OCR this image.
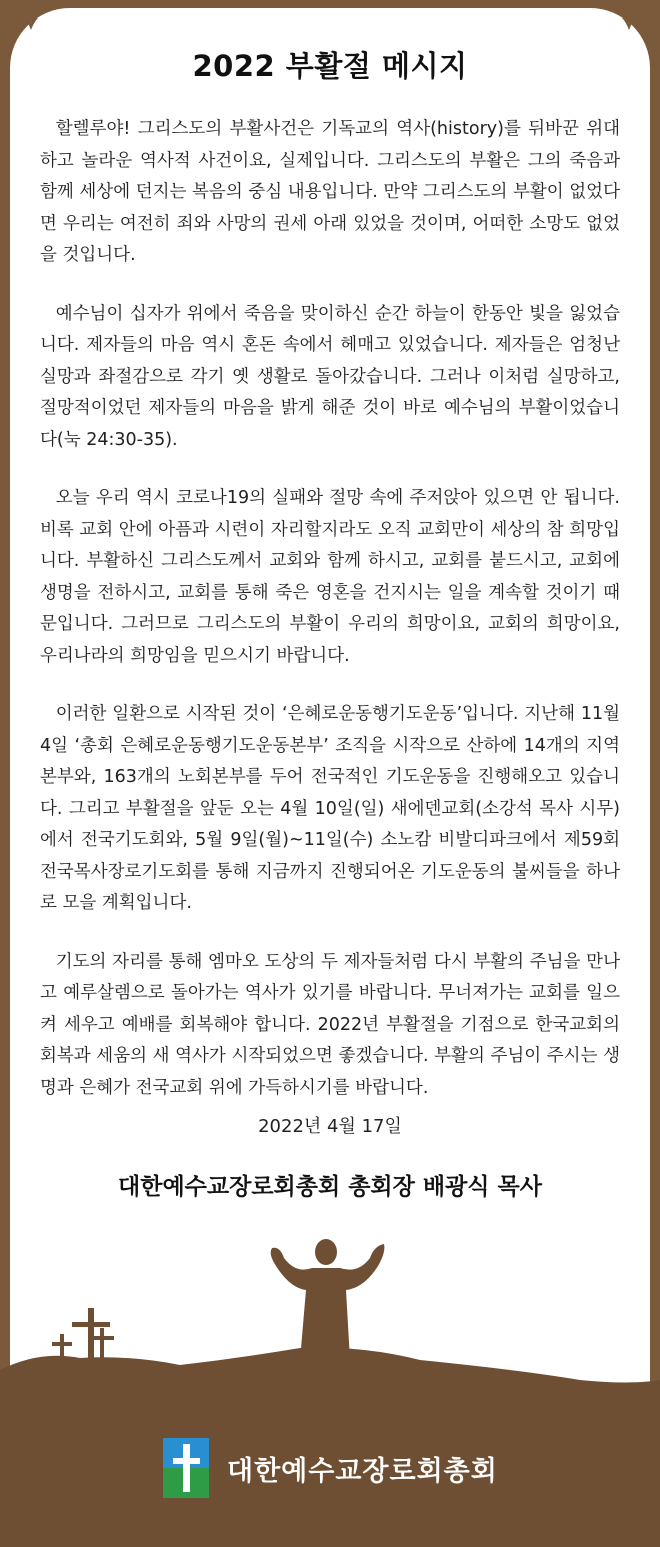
2022 부활절 메시지

할렐루야! 그리스도의 부활사건은 기독교의 역사(history)를 뒤바꾼 위대하고 놀라운 역사적 사건이요, 실제입니다. 그리스도의 부활은 그의 죽음과 함께 세상에 던지는 복음의 중심 내용입니다. 만약 그리스도의 부활이 없었다면 우리는 여전히 죄와 사망의 권세 아래 있었을 것이며, 어떠한 소망도 없었을 것입니다.

예수님이 십자가 위에서 죽음을 맞이하신 순간 하늘이 한동안 빛을 잃었습니다. 제자들의 마음 역시 혼돈 속에서 헤매고 있었습니다. 제자들은 엄청난 실망과 좌절감으로 각기 옛 생활로 돌아갔습니다. 그러나 이처럼 실망하고, 절망적이었던 제자들의 마음을 밝게 해준 것이 바로 예수님의 부활이었습니다(눅 24:30-35).

오늘 우리 역시 코로나19의 실패와 절망 속에 주저앉아 있으면 안 됩니다. 비록 교회 안에 아픔과 시련이 자리할지라도 오직 교회만이 세상의 참 희망입니다. 부활하신 그리스도께서 교회와 함께 하시고, 교회를 붙드시고, 교회에 생명을 전하시고, 교회를 통해 죽은 영혼을 건지시는 일을 계속할 것이기 때문입니다. 그러므로 그리스도의 부활이 우리의 희망이요, 교회의 희망이요, 우리나라의 희망임을 믿으시기 바랍니다.

이러한 일환으로 시작된 것이 ‘은혜로운동행기도운동’입니다. 지난해 11월 4일 ‘총회 은혜로운동행기도운동본부’ 조직을 시작으로 산하에 14개의 지역본부와, 163개의 노회본부를 두어 전국적인 기도운동을 진행해오고 있습니다. 그리고 부활절을 앞둔 오는 4월 10일(일) 새에덴교회(소강석 목사 시무)에서 전국기도회와, 5월 9일(월)~11일(수) 소노캄 비발디파크에서 제59회 전국목사장로기도회를 통해 지금까지 진행되어온 기도운동의 불씨들을 하나로 모을 계획입니다.

기도의 자리를 통해 엠마오 도상의 두 제자들처럼 다시 부활의 주님을 만나고 예루살렘으로 돌아가는 역사가 있기를 바랍니다. 무너져가는 교회를 일으켜 세우고 예배를 회복해야 합니다. 2022년 부활절을 기점으로 한국교회의 회복과 세움의 새 역사가 시작되었으면 좋겠습니다. 부활의 주님이 주시는 생명과 은혜가 전국교회 위에 가득하시기를 바랍니다.

2022년 4월 17일
대한예수교장로회총회 총회장 배광식 목사
대한예수교장로회총회
